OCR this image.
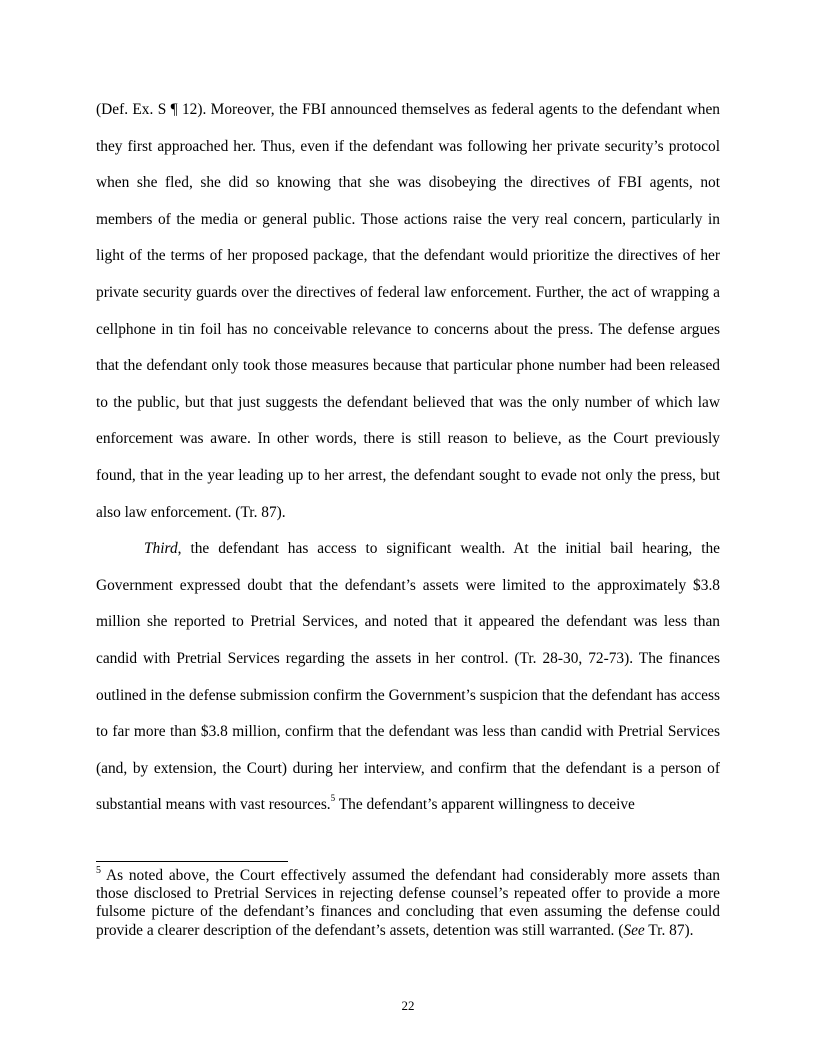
(Def. Ex. S ¶ 12). Moreover, the FBI announced themselves as federal agents to the defendant when they first approached her. Thus, even if the defendant was following her private security’s protocol when she fled, she did so knowing that she was disobeying the directives of FBI agents, not members of the media or general public. Those actions raise the very real concern, particularly in light of the terms of her proposed package, that the defendant would prioritize the directives of her private security guards over the directives of federal law enforcement. Further, the act of wrapping a cellphone in tin foil has no conceivable relevance to concerns about the press. The defense argues that the defendant only took those measures because that particular phone number had been released to the public, but that just suggests the defendant believed that was the only number of which law enforcement was aware. In other words, there is still reason to believe, as the Court previously found, that in the year leading up to her arrest, the defendant sought to evade not only the press, but also law enforcement. (Tr. 87).

Third, the defendant has access to significant wealth. At the initial bail hearing, the Government expressed doubt that the defendant’s assets were limited to the approximately $3.8 million she reported to Pretrial Services, and noted that it appeared the defendant was less than candid with Pretrial Services regarding the assets in her control. (Tr. 28-30, 72-73). The finances outlined in the defense submission confirm the Government’s suspicion that the defendant has access to far more than $3.8 million, confirm that the defendant was less than candid with Pretrial Services (and, by extension, the Court) during her interview, and confirm that the defendant is a person of substantial means with vast resources.$^5$ The defendant’s apparent willingness to deceive

$^5$ As noted above, the Court effectively assumed the defendant had considerably more assets than those disclosed to Pretrial Services in rejecting defense counsel’s repeated offer to provide a more fulsome picture of the defendant’s finances and concluding that even assuming the defense could provide a clearer description of the defendant’s assets, detention was still warranted. (See Tr. 87).

22
